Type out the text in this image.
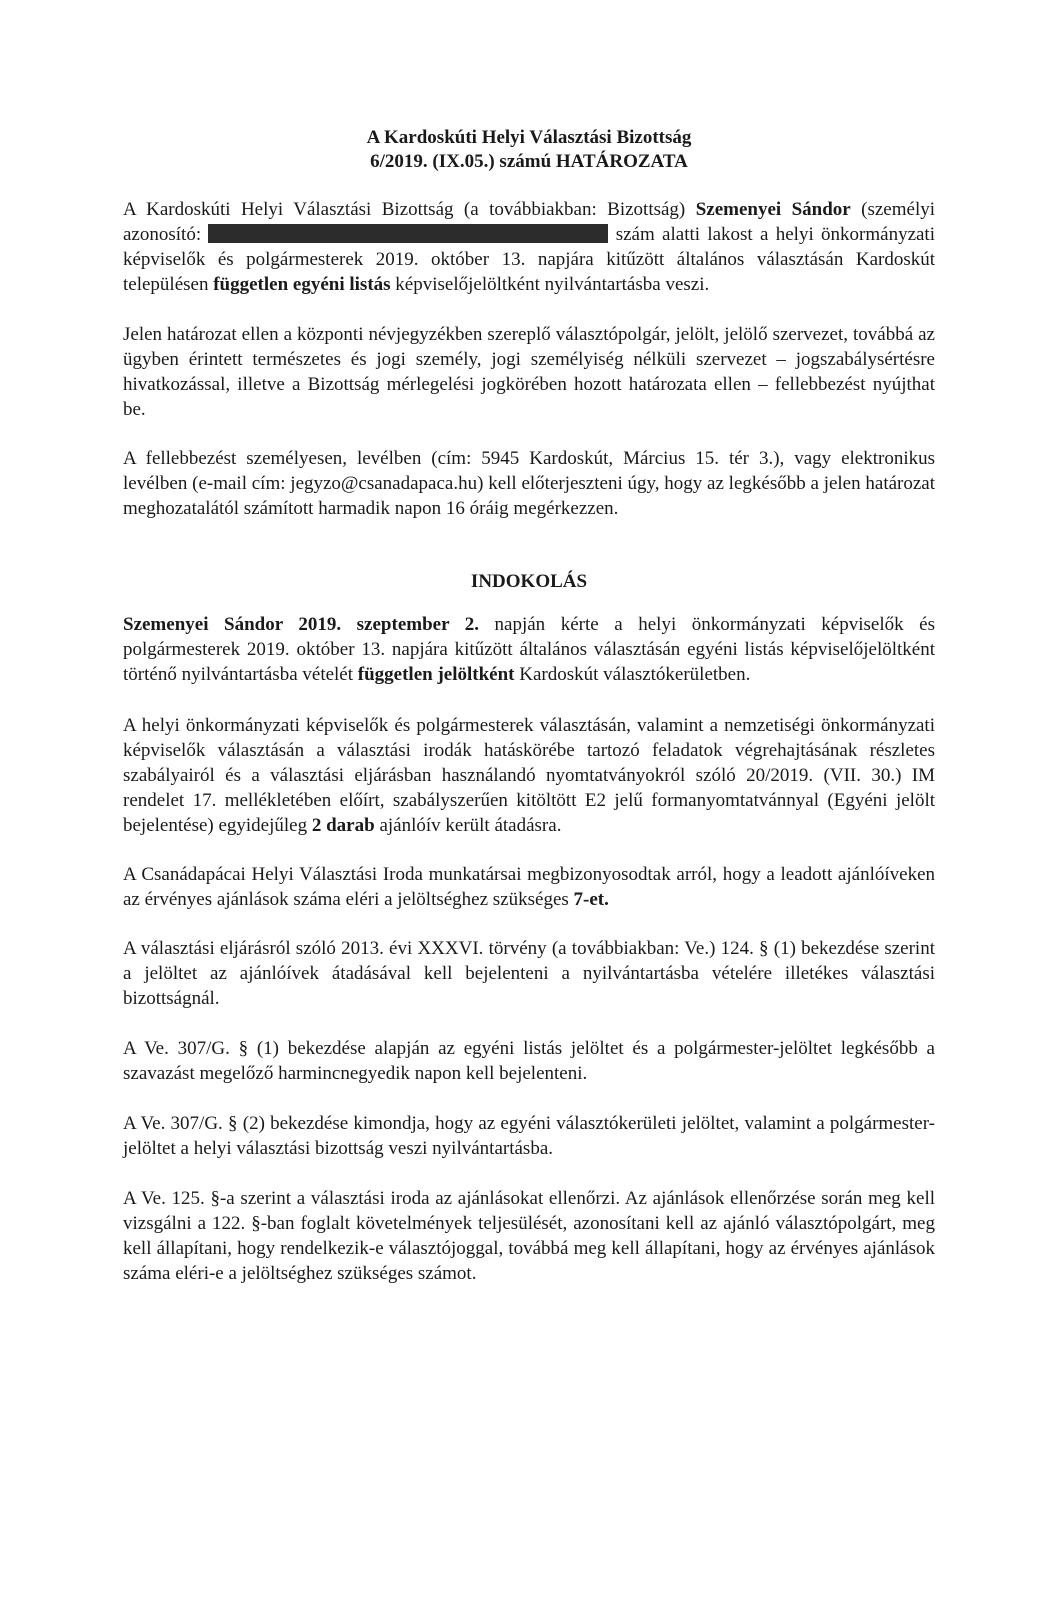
A Kardoskúti Helyi Választási Bizottság
6/2019. (IX.05.) számú HATÁROZATA

A Kardoskúti Helyi Választási Bizottság (a továbbiakban: Bizottság) Szemenyei Sándor (személyi azonosító:	szám alatti lakost a helyi önkormányzati képviselők és polgármesterek 2019. október 13. napjára kitűzött általános választásán Kardoskút településen független egyéni listás képviselőjelöltként nyilvántartásba veszi.

Jelen határozat ellen a központi névjegyzékben szereplő választópolgár, jelölt, jelölő szervezet, továbbá az ügyben érintett természetes és jogi személy, jogi személyiség nélküli szervezet – jogszabálysértésre hivatkozással, illetve a Bizottság mérlegelési jogkörében hozott határozata ellen – fellebbezést nyújthat be.

A fellebbezést személyesen, levélben (cím: 5945 Kardoskút, Március 15. tér 3.), vagy elektronikus levélben (e-mail cím: jegyzo@csanadapaca.hu) kell előterjeszteni úgy, hogy az legkésőbb a jelen határozat meghozatalától számított harmadik napon 16 óráig megérkezzen.

INDOKOLÁS

Szemenyei Sándor 2019. szeptember 2. napján kérte a helyi önkormányzati képviselők és polgármesterek 2019. október 13. napjára kitűzött általános választásán egyéni listás képviselőjelöltként történő nyilvántartásba vételét független jelöltként Kardoskút választókerületben.

A helyi önkormányzati képviselők és polgármesterek választásán, valamint a nemzetiségi önkormányzati képviselők választásán a választási irodák hatáskörébe tartozó feladatok végrehajtásának részletes szabályairól és a választási eljárásban használandó nyomtatványokról szóló 20/2019. (VII. 30.) IM rendelet 17. mellékletében előírt, szabályszerűen kitöltött E2 jelű formanyomtatvánnyal (Egyéni jelölt bejelentése) egyidejűleg 2 darab ajánlóív került átadásra.

A Csanádapácai Helyi Választási Iroda munkatársai megbizonyosodtak arról, hogy a leadott ajánlóíveken az érvényes ajánlások száma eléri a jelöltséghez szükséges 7-et.

A választási eljárásról szóló 2013. évi XXXVI. törvény (a továbbiakban: Ve.) 124. § (1) bekezdése szerint a jelöltet az ajánlóívek átadásával kell bejelenteni a nyilvántartásba vételére illetékes választási bizottságnál.

A Ve. 307/G. § (1) bekezdése alapján az egyéni listás jelöltet és a polgármester-jelöltet legkésőbb a szavazást megelőző harmincnegyedik napon kell bejelenteni.

A Ve. 307/G. § (2) bekezdése kimondja, hogy az egyéni választókerületi jelöltet, valamint a polgármester-jelöltet a helyi választási bizottság veszi nyilvántartásba.

A Ve. 125. §-a szerint a választási iroda az ajánlásokat ellenőrzi. Az ajánlások ellenőrzése során meg kell vizsgálni a 122. §-ban foglalt követelmények teljesülését, azonosítani kell az ajánló választópolgárt, meg kell állapítani, hogy rendelkezik-e választójoggal, továbbá meg kell állapítani, hogy az érvényes ajánlások száma eléri-e a jelöltséghez szükséges számot.
